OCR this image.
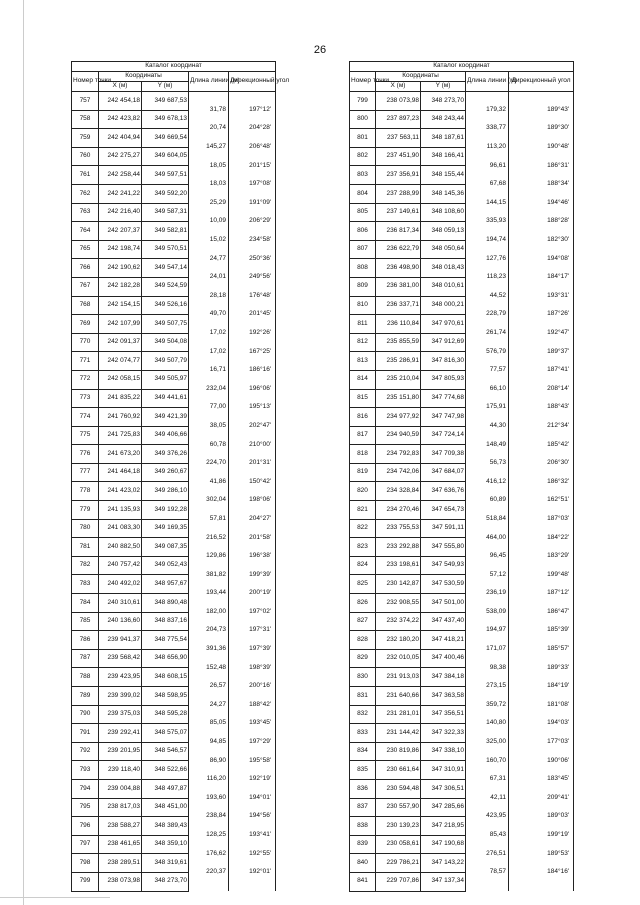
26
Каталог координат				
Номер точки	Координаты		Длина линии (м)	Дирекционный угол
	X (м)	Y (м)		
757	242 454,18	349 687,53		
			31,78	197°12'
758	242 423,82	349 678,13		
			20,74	204°28'
759	242 404,94	349 669,54		
			145,27	206°48'
760	242 275,27	349 604,05		
			18,05	201°15'
761	242 258,44	349 597,51		
			18,03	197°08'
762	242 241,22	349 592,20		
			25,29	191°09'
763	242 216,40	349 587,31		
			10,09	206°29'
764	242 207,37	349 582,81		
			15,02	234°58'
765	242 198,74	349 570,51		
			24,77	250°36'
766	242 190,62	349 547,14		
			24,01	249°56'
767	242 182,28	349 524,59		
			28,18	176°48'
768	242 154,15	349 526,16		
			49,70	201°45'
769	242 107,99	349 507,75		
			17,02	192°26'
770	242 091,37	349 504,08		
			17,02	167°25'
771	242 074,77	349 507,79		
			16,71	186°16'
772	242 058,15	349 505,97		
			232,04	196°06'
773	241 835,22	349 441,61		
			77,00	195°13'
774	241 760,92	349 421,39		
			38,05	202°47'
775	241 725,83	349 406,66		
			60,78	210°00'
776	241 673,20	349 376,26		
			224,70	201°31'
777	241 464,18	349 260,67		
			41,86	150°42'
778	241 423,02	349 286,10		
			302,04	198°06'
779	241 135,93	349 192,28		
			57,81	204°27'
780	241 083,30	349 169,35		
			216,52	201°58'
781	240 882,50	349 087,35		
			129,86	196°38'
782	240 757,42	349 052,43		
			381,82	199°39'
783	240 492,02	348 957,67		
			193,44	200°19'
784	240 310,61	348 890,48		
			182,00	197°02'
785	240 136,60	348 837,16		
			204,73	197°31'
786	239 941,37	348 775,54		
			391,36	197°39'
787	239 568,42	348 656,90		
			152,48	198°39'
788	239 423,95	348 608,15		
			26,57	200°16'
789	239 399,02	348 598,95		
			24,27	188°42'
790	239 375,03	348 595,28		
			85,05	193°45'
791	239 292,41	348 575,07		
			94,85	197°29'
792	239 201,95	348 546,57		
			86,90	195°58'
793	239 118,40	348 522,66		
			116,20	192°19'
794	239 004,88	348 497,87		
			193,60	194°01'
795	238 817,03	348 451,00		
			238,84	194°56'
796	238 588,27	348 389,43		
			128,25	193°41'
797	238 461,65	348 359,10		
			176,62	192°55'
798	238 289,51	348 319,61		
			220,37	192°01'
799	238 073,98	348 273,70		

Каталог координат				
Номер точки	Координаты		Длина линии (м)	Дирекционный угол
	X (м)	Y (м)		
799	238 073,98	348 273,70		
			179,32	189°43'
800	237 897,23	348 243,44		
			338,77	189°30'
801	237 563,11	348 187,61		
			113,20	190°48'
802	237 451,90	348 166,41		
			96,61	186°31'
803	237 356,91	348 155,44		
			67,68	188°34'
804	237 288,99	348 145,36		
			144,15	194°46'
805	237 149,61	348 108,60		
			335,93	188°28'
806	236 817,34	348 059,13		
			194,74	182°30'
807	236 622,79	348 050,64		
			127,76	194°08'
808	236 498,90	348 018,43		
			118,23	184°17'
809	236 381,00	348 010,61		
			44,52	193°31'
810	236 337,71	348 000,21		
			228,79	187°26'
811	236 110,84	347 970,61		
			261,74	192°47'
812	235 855,59	347 912,69		
			576,79	189°37'
813	235 286,91	347 816,30		
			77,57	187°41'
814	235 210,04	347 805,93		
			66,10	208°14'
815	235 151,80	347 774,68		
			175,91	188°43'
816	234 977,92	347 747,98		
			44,30	212°34'
817	234 940,59	347 724,14		
			148,49	185°42'
818	234 792,83	347 709,38		
			56,73	206°30'
819	234 742,06	347 684,07		
			416,12	186°32'
820	234 328,84	347 636,76		
			60,89	162°51'
821	234 270,46	347 654,73		
			518,84	187°03'
822	233 755,53	347 591,11		
			464,00	184°22'
823	233 292,88	347 555,80		
			96,45	183°29'
824	233 198,61	347 549,93		
			57,12	199°48'
825	230 142,87	347 530,59		
			236,19	187°12'
826	232 908,55	347 501,00		
			538,09	186°47'
827	232 374,22	347 437,40		
			194,97	185°39'
828	232 180,20	347 418,21		
			171,07	185°57'
829	232 010,05	347 400,46		
			98,38	189°33'
830	231 913,03	347 384,18		
			273,15	184°19'
831	231 640,66	347 363,58		
			359,72	181°08'
832	231 281,01	347 356,51		
			140,80	194°03'
833	231 144,42	347 322,33		
			325,00	177°03'
834	230 819,86	347 338,10		
			160,70	190°06'
835	230 661,64	347 310,91		
			67,31	183°45'
836	230 594,48	347 306,51		
			42,11	209°41'
837	230 557,90	347 285,66		
			423,95	189°03'
838	230 139,23	347 218,95		
			85,43	199°19'
839	230 058,61	347 190,68		
			276,51	189°53'
840	229 786,21	347 143,22		
			78,57	184°16'
841	229 707,86	347 137,34		
